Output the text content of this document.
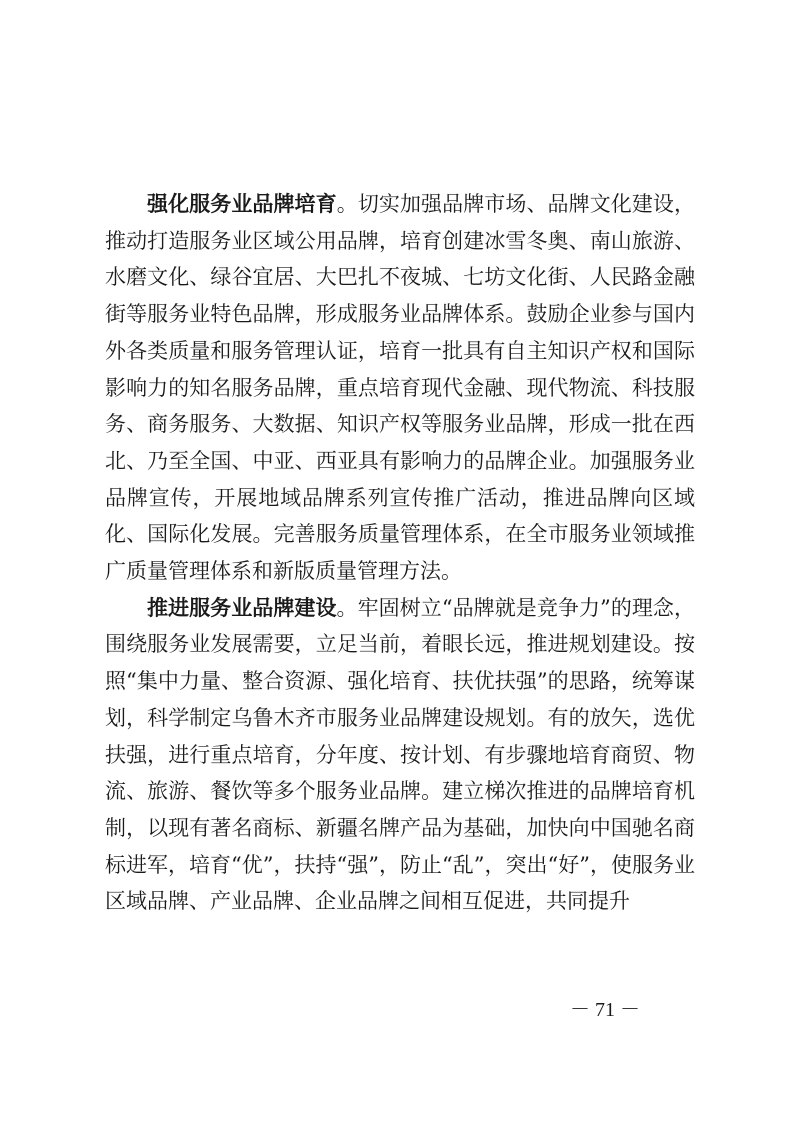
强化服务业品牌培育。切实加强品牌市场、品牌文化建设，推动打造服务业区域公用品牌，培育创建冰雪冬奥、南山旅游、水磨文化、绿谷宜居、大巴扎不夜城、七坊文化街、人民路金融街等服务业特色品牌，形成服务业品牌体系。鼓励企业参与国内外各类质量和服务管理认证，培育一批具有自主知识产权和国际影响力的知名服务品牌，重点培育现代金融、现代物流、科技服务、商务服务、大数据、知识产权等服务业品牌，形成一批在西北、乃至全国、中亚、西亚具有影响力的品牌企业。加强服务业品牌宣传，开展地域品牌系列宣传推广活动，推进品牌向区域化、国际化发展。完善服务质量管理体系，在全市服务业领域推广质量管理体系和新版质量管理方法。

推进服务业品牌建设。牢固树立“品牌就是竞争力”的理念，围绕服务业发展需要，立足当前，着眼长远，推进规划建设。按照“集中力量、整合资源、强化培育、扶优扶强”的思路，统筹谋划，科学制定乌鲁木齐市服务业品牌建设规划。有的放矢，选优扶强，进行重点培育，分年度、按计划、有步骤地培育商贸、物流、旅游、餐饮等多个服务业品牌。建立梯次推进的品牌培育机制，以现有著名商标、新疆名牌产品为基础，加快向中国驰名商标进军，培育“优”，扶持“强”，防止“乱”，突出“好”，使服务业区域品牌、产业品牌、企业品牌之间相互促进，共同提升

－ 71 －
